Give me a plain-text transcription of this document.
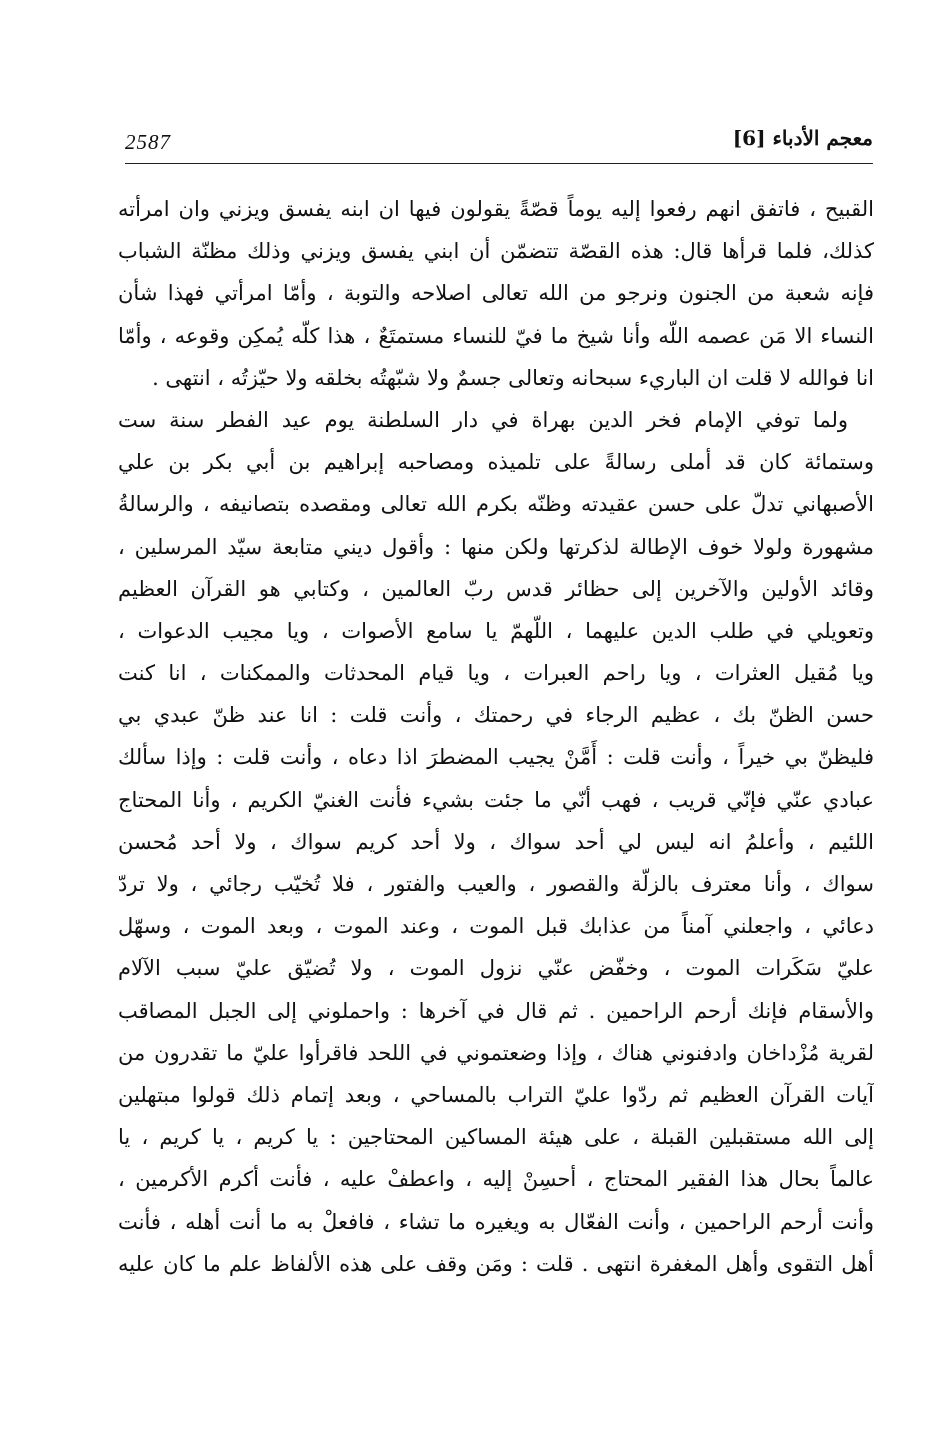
2587	معجم الأدباء [6]
القبيح ، فاتفق انهم رفعوا إليه يوماً قصّةً يقولون فيها ان ابنه يفسق ويزني وان امرأته
كذلك، فلما قرأها قال: هذه القصّة تتضمّن أن ابني يفسق ويزني وذلك مظنّة الشباب
فإنه شعبة من الجنون ونرجو من الله تعالى اصلاحه والتوبة ، وأمّا امرأتي فهذا شأن
النساء الا مَن عصمه اللّه وأنا شيخ ما فيّ للنساء مستمتَعٌ ، هذا كلّه يُمكِن وقوعه ، وأمّا
انا فوالله لا قلت ان الباريء سبحانه وتعالى جسمٌ ولا شبّهتُه بخلقه ولا حيّزتُه ، انتهى .
ولما توفي الإمام فخر الدين بهراة في دار السلطنة يوم عيد الفطر سنة ست
وستمائة كان قد أملى رسالةً على تلميذه ومصاحبه إبراهيم بن أبي بكر بن علي
الأصبهاني تدلّ على حسن عقيدته وظنّه بكرم الله تعالى ومقصده بتصانيفه ، والرسالةُ
مشهورة ولولا خوف الإطالة لذكرتها ولكن منها : وأقول ديني متابعة سيّد المرسلين ،
وقائد الأولين والآخرين إلى حظائر قدس ربّ العالمين ، وكتابي هو القرآن العظيم
وتعويلي في طلب الدين عليهما ، اللّهمّ يا سامع الأصوات ، ويا مجيب الدعوات ،
ويا مُقيل العثرات ، ويا راحم العبرات ، ويا قيام المحدثات والممكنات ، انا كنت
حسن الظنّ بك ، عظيم الرجاء في رحمتك ، وأنت قلت : انا عند ظنّ عبدي بي
فليظنّ بي خيراً ، وأنت قلت : أَمَّنْ يجيب المضطرَ اذا دعاه ، وأنت قلت : وإذا سألك
عبادي عنّي فإنّي قريب ، فهب أنّي ما جئت بشيء فأنت الغنيّ الكريم ، وأنا المحتاج
اللئيم ، وأعلمُ انه ليس لي أحد سواك ، ولا أحد كريم سواك ، ولا أحد مُحسن
سواك ، وأنا معترف بالزلّة والقصور ، والعيب والفتور ، فلا تُخيّب رجائي ، ولا تردّ
دعائي ، واجعلني آمناً من عذابك قبل الموت ، وعند الموت ، وبعد الموت ، وسهّل
عليّ سَكَرات الموت ، وخفّض عنّي نزول الموت ، ولا تُضيّق عليّ سبب الآلام
والأسقام فإنك أرحم الراحمين . ثم قال في آخرها : واحملوني إلى الجبل المصاقب
لقرية مُزْداخان وادفنوني هناك ، وإذا وضعتموني في اللحد فاقرأوا عليّ ما تقدرون من
آيات القرآن العظيم ثم ردّوا عليّ التراب بالمساحي ، وبعد إتمام ذلك قولوا مبتهلين
إلى الله مستقبلين القبلة ، على هيئة المساكين المحتاجين : يا كريم ، يا كريم ، يا
عالماً بحال هذا الفقير المحتاج ، أحسِنْ إليه ، واعطفْ عليه ، فأنت أكرم الأكرمين ،
وأنت أرحم الراحمين ، وأنت الفعّال به ويغيره ما تشاء ، فافعلْ به ما أنت أهله ، فأنت
أهل التقوى وأهل المغفرة انتهى . قلت : ومَن وقف على هذه الألفاظ علم ما كان عليه
